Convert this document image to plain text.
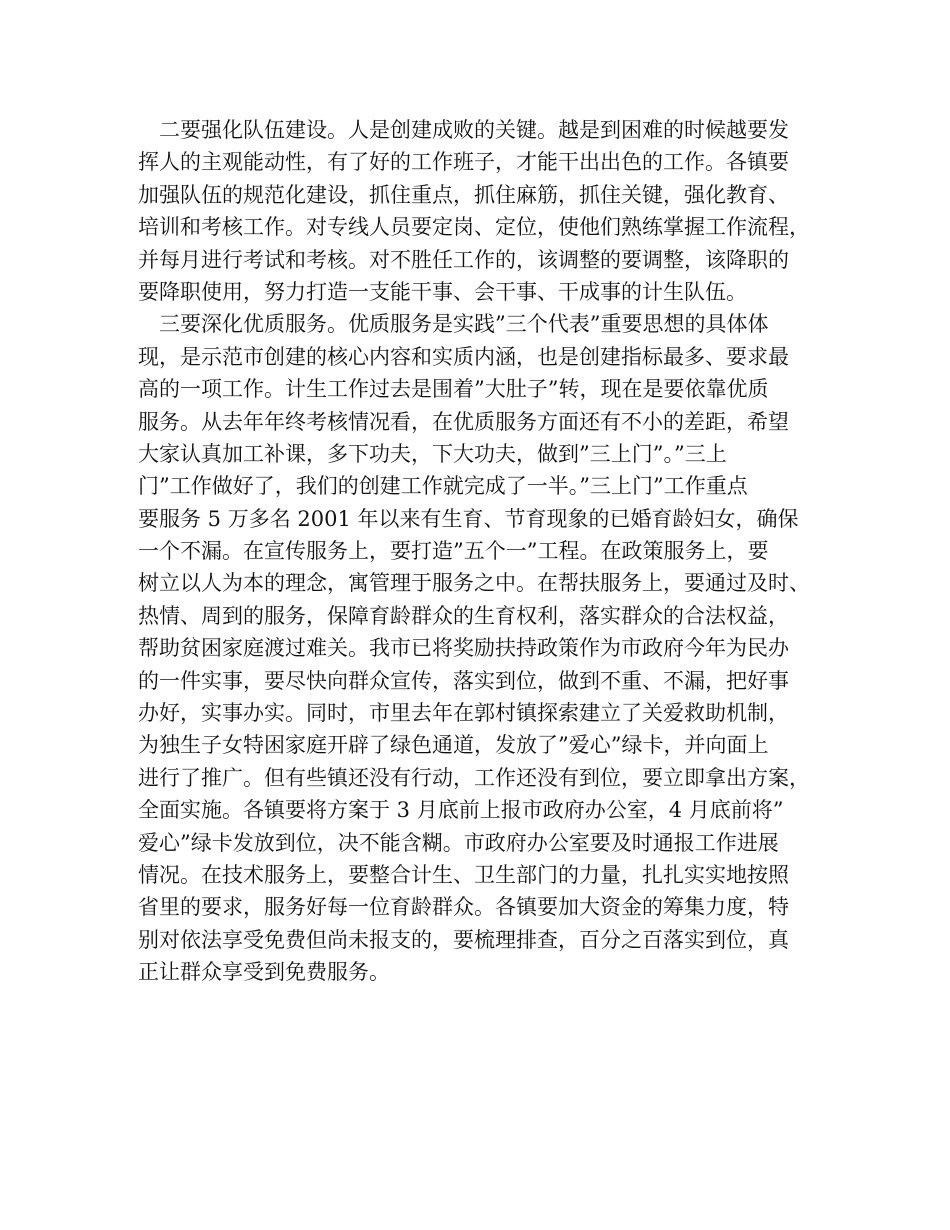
　二要强化队伍建设。人是创建成败的关键。越是到困难的时候越要发
挥人的主观能动性，有了好的工作班子，才能干出出色的工作。各镇要
加强队伍的规范化建设，抓住重点，抓住麻筋，抓住关键，强化教育、
培训和考核工作。对专线人员要定岗、定位，使他们熟练掌握工作流程，
并每月进行考试和考核。对不胜任工作的，该调整的要调整，该降职的
要降职使用，努力打造一支能干事、会干事、干成事的计生队伍。
　三要深化优质服务。优质服务是实践”三个代表”重要思想的具体体
现，是示范市创建的核心内容和实质内涵，也是创建指标最多、要求最
高的一项工作。计生工作过去是围着”大肚子”转，现在是要依靠优质
服务。从去年年终考核情况看，在优质服务方面还有不小的差距，希望
大家认真加工补课，多下功夫，下大功夫，做到”三上门”。”三上
门”工作做好了，我们的创建工作就完成了一半。”三上门”工作重点
要服务 5 万多名 2001 年以来有生育、节育现象的已婚育龄妇女，确保
一个不漏。在宣传服务上，要打造”五个一”工程。在政策服务上，要
树立以人为本的理念，寓管理于服务之中。在帮扶服务上，要通过及时、
热情、周到的服务，保障育龄群众的生育权利，落实群众的合法权益，
帮助贫困家庭渡过难关。我市已将奖励扶持政策作为市政府今年为民办
的一件实事，要尽快向群众宣传，落实到位，做到不重、不漏，把好事
办好，实事办实。同时，市里去年在郭村镇探索建立了关爱救助机制，
为独生子女特困家庭开辟了绿色通道，发放了”爱心”绿卡，并向面上
进行了推广。但有些镇还没有行动，工作还没有到位，要立即拿出方案，
全面实施。各镇要将方案于 3 月底前上报市政府办公室，4 月底前将”
爱心”绿卡发放到位，决不能含糊。市政府办公室要及时通报工作进展
情况。在技术服务上，要整合计生、卫生部门的力量，扎扎实实地按照
省里的要求，服务好每一位育龄群众。各镇要加大资金的筹集力度，特
别对依法享受免费但尚未报支的，要梳理排查，百分之百落实到位，真
正让群众享受到免费服务。
